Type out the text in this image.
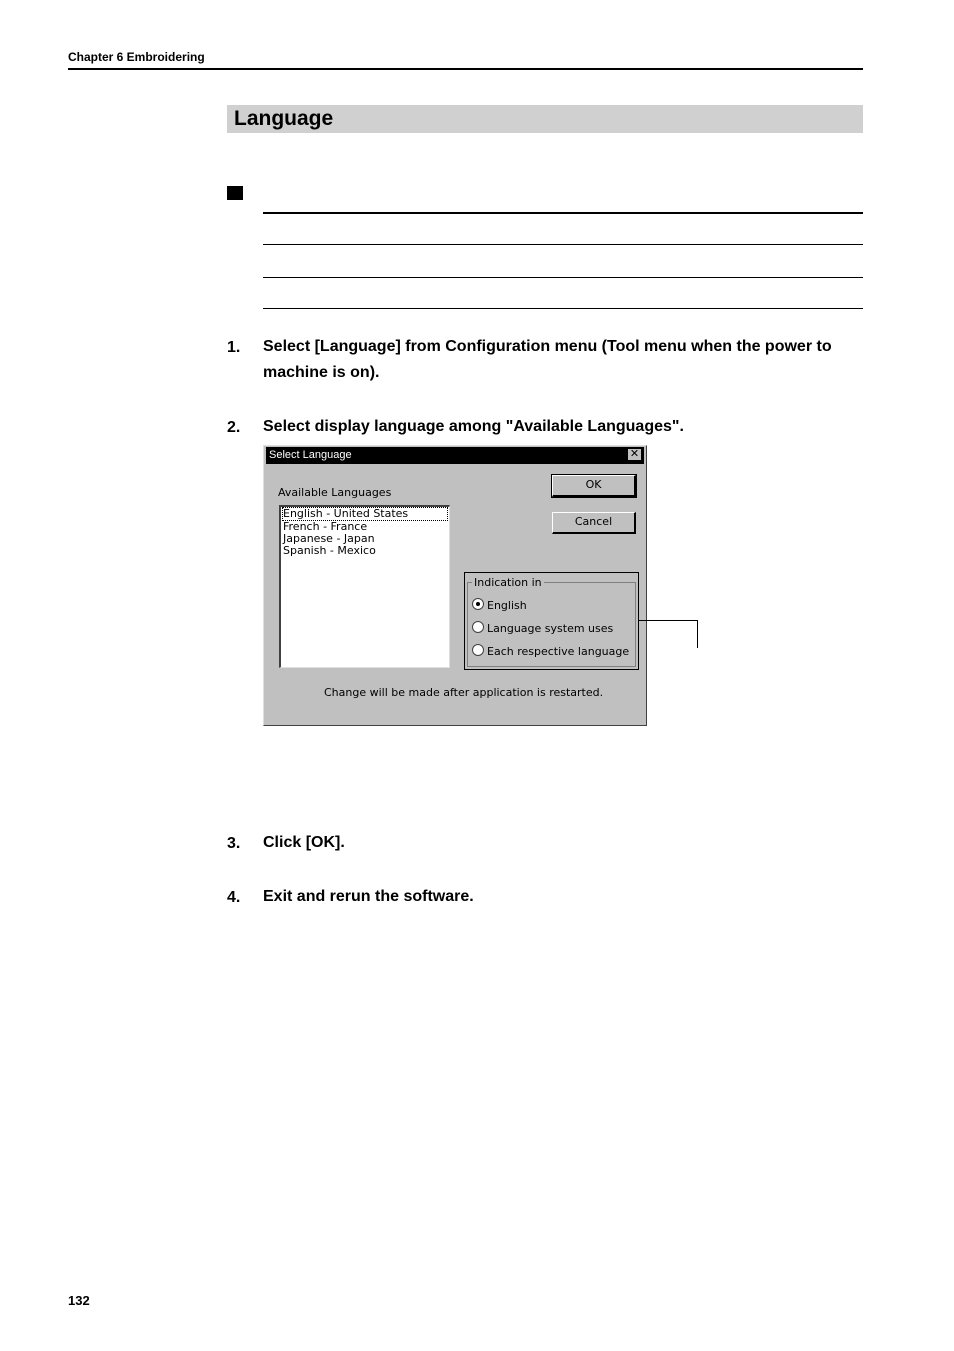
Chapter 6 Embroidering
Language
1. Select [Language] from Configuration menu (Tool menu when the power to machine is on).
2. Select display language among "Available Languages".
Select Language	✕
Available Languages
English - United States
French - France
Japanese - Japan
Spanish - Mexico
OK
Cancel
Indication in
English
Language system uses
Each respective language
Change will be made after application is restarted.
3. Click [OK].
4. Exit and rerun the software.
132
